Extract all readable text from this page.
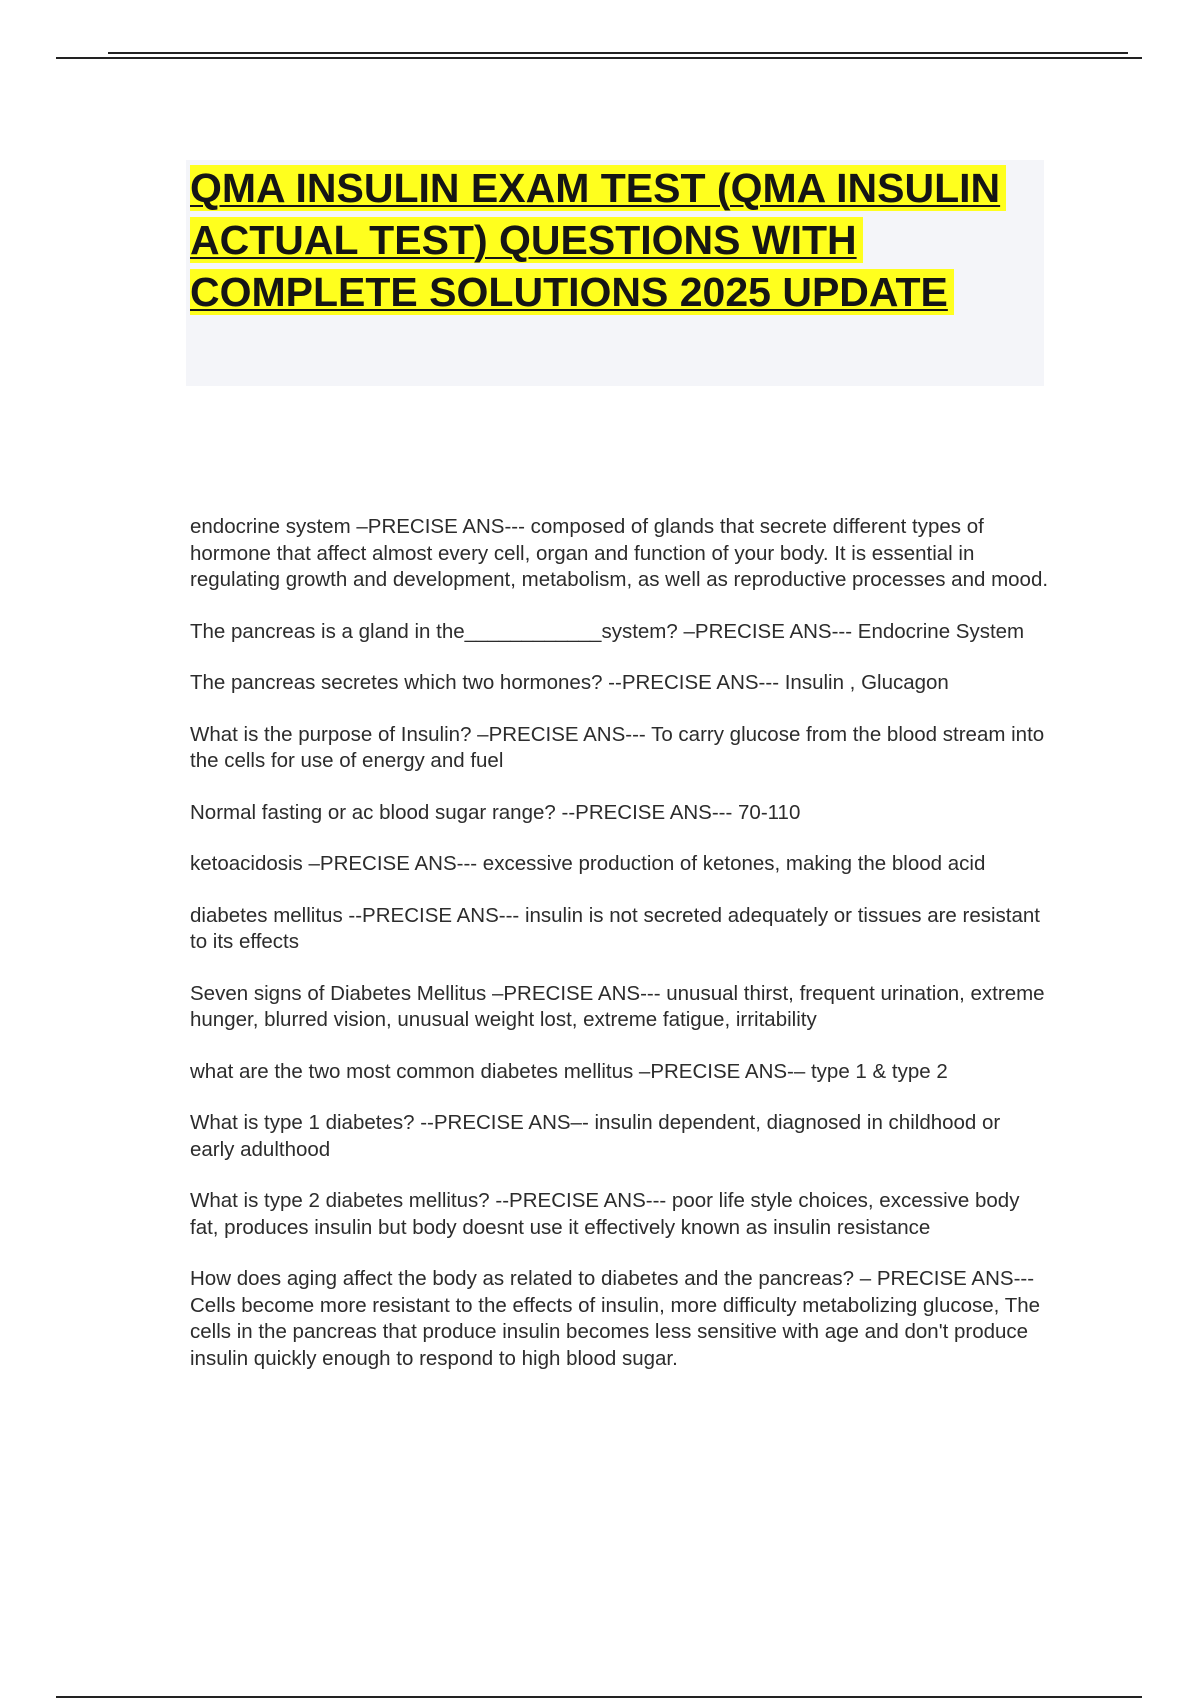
QMA INSULIN EXAM TEST (QMA INSULIN ACTUAL TEST) QUESTIONS WITH COMPLETE SOLUTIONS 2025 UPDATE
endocrine system –PRECISE ANS--- composed of glands that secrete different types of hormone that affect almost every cell, organ and function of your body. It is essential in regulating growth and development, metabolism, as well as reproductive processes and mood.
The pancreas is a gland in the____________system? –PRECISE ANS--- Endocrine System
The pancreas secretes which two hormones? --PRECISE ANS--- Insulin , Glucagon
What is the purpose of Insulin? –PRECISE ANS--- To carry glucose from the blood stream into the cells for use of energy and fuel
Normal fasting or ac blood sugar range? --PRECISE ANS--- 70-110
ketoacidosis –PRECISE ANS--- excessive production of ketones, making the blood acid
diabetes mellitus --PRECISE ANS--- insulin is not secreted adequately or tissues are resistant to its effects
Seven signs of Diabetes Mellitus –PRECISE ANS--- unusual thirst, frequent urination, extreme hunger, blurred vision, unusual weight lost, extreme fatigue, irritability
what are the two most common diabetes mellitus –PRECISE ANS-– type 1 & type 2
What is type 1 diabetes? --PRECISE ANS–- insulin dependent, diagnosed in childhood or early adulthood
What is type 2 diabetes mellitus? --PRECISE ANS--- poor life style choices, excessive body fat, produces insulin but body doesnt use it effectively known as insulin resistance
How does aging affect the body as related to diabetes and the pancreas? – PRECISE ANS--- Cells become more resistant to the effects of insulin, more difficulty metabolizing glucose, The cells in the pancreas that produce insulin becomes less sensitive with age and don't produce insulin quickly enough to respond to high blood sugar.
